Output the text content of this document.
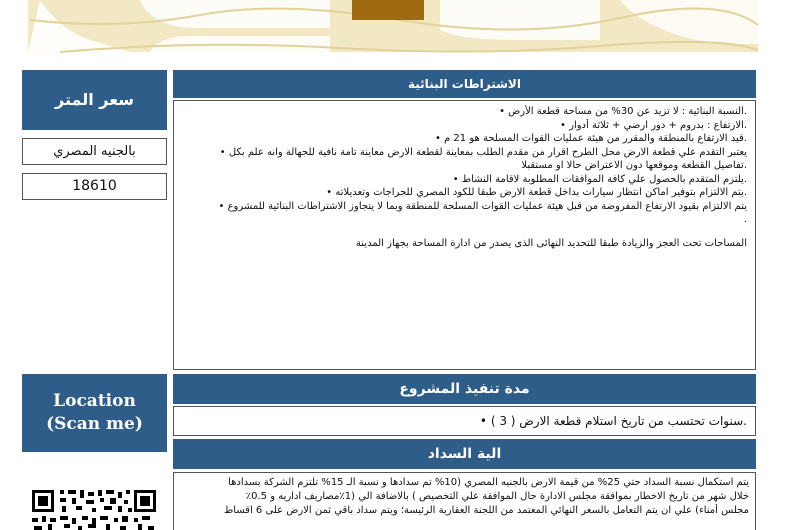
سعر المتر
بالجنيه المصري
18610
Location
(Scan me)
الاشتراطات البنائية
.النسبة البنائية : لا تزيد عن 30% من مساحة قطعة الأرض •
.الارتفاع : بدروم + دور ارضي + ثلاثة أدوار •
.قيد الارتفاع بالمنطقة والمقرر من هيئة عمليات القوات المسلحة هو 21 م •
يعتبر التقدم علي قطعة الارض محل الطرح اقرار من مقدم الطلب بمعاينة لقطعة الارض معاينة تامة نافية للجهالة وانه علم بكل •
.تفاصيل القطعة وموقعها دون الاعتراض حالا او مستقبلا
.يلتزم المتقدم بالحصول علي كافة الموافقات المطلوبة لاقامة النشاط •
.يتم الالتزام بتوفير اماكن انتظار سيارات بداخل قطعة الارض طبقا للكود المصري للجراجات وتعديلاته •
يتم الالتزام بقيود الارتفاع المفروضة من قبل هيئة عمليات القوات المسلحة للمنطقة وبما لا يتجاوز الاشتراطات البنائية للمشروع •
.
المساحات تحت العجز والزيادة طبقا للتحديد النهائى الذى يصدر من ادارة المساحة بجهاز المدينة
مدة تنفيذ المشروع
.سنوات تحتسب من تاريخ استلام قطعة الارض ( 3 ) •
الية السداد
يتم استكمال نسبة السداد حتي 25% من قيمة الارض بالجنيه المصري (10% تم سدادها و نسبة الـ 15% تلتزم الشركة بسدادها
خلال شهر من تاريخ الاخطار بموافقة مجلس الادارة حال الموافقة علي التخصيص ) بالاضافة الي (1٪مصاريف اداريه و 0.5٪
مجلس أمناء) علي ان يتم التعامل بالسعر النهائي المعتمد من اللجنة العقارية الرئيسة؛ ويتم سداد باقي ثمن الارض على 6 اقساط
